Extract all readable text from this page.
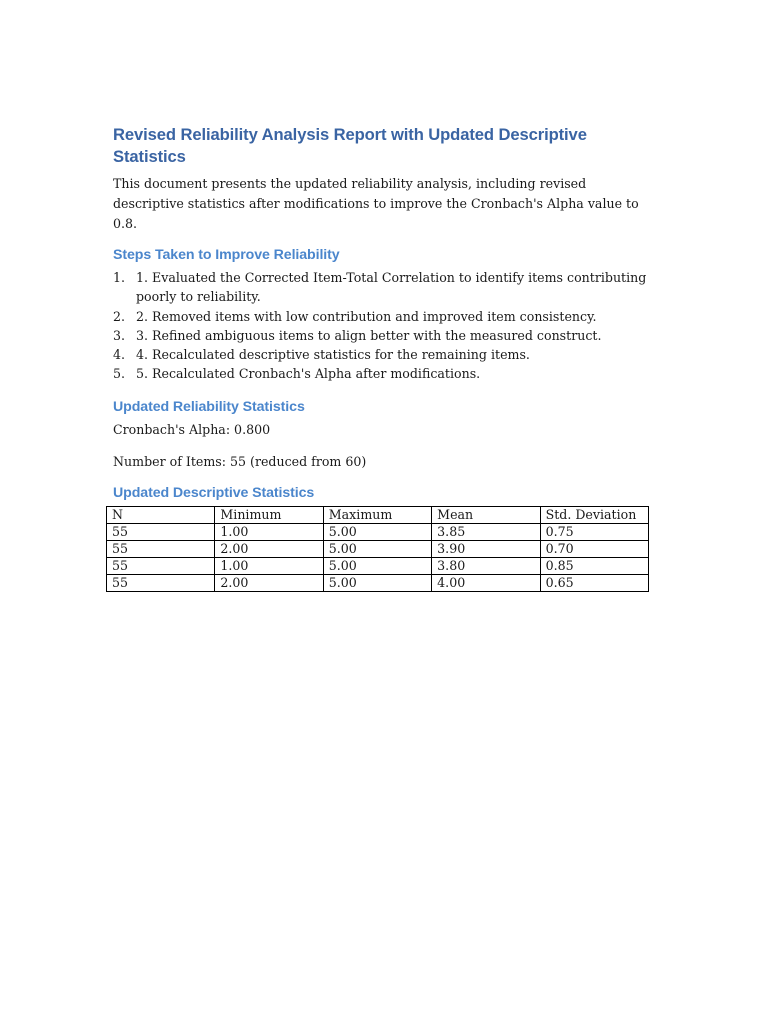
Revised Reliability Analysis Report with Updated Descriptive Statistics

This document presents the updated reliability analysis, including revised descriptive statistics after modifications to improve the Cronbach's Alpha value to 0.8.

Steps Taken to Improve Reliability
1. 1. Evaluated the Corrected Item-Total Correlation to identify items contributing poorly to reliability.
2. 2. Removed items with low contribution and improved item consistency.
3. 3. Refined ambiguous items to align better with the measured construct.
4. 4. Recalculated descriptive statistics for the remaining items.
5. 5. Recalculated Cronbach's Alpha after modifications.
Updated Reliability Statistics

Cronbach's Alpha: 0.800

Number of Items: 55 (reduced from 60)

Updated Descriptive Statistics
N	Minimum	Maximum	Mean	Std. Deviation
55	1.00	5.00	3.85	0.75
55	2.00	5.00	3.90	0.70
55	1.00	5.00	3.80	0.85
55	2.00	5.00	4.00	0.65
